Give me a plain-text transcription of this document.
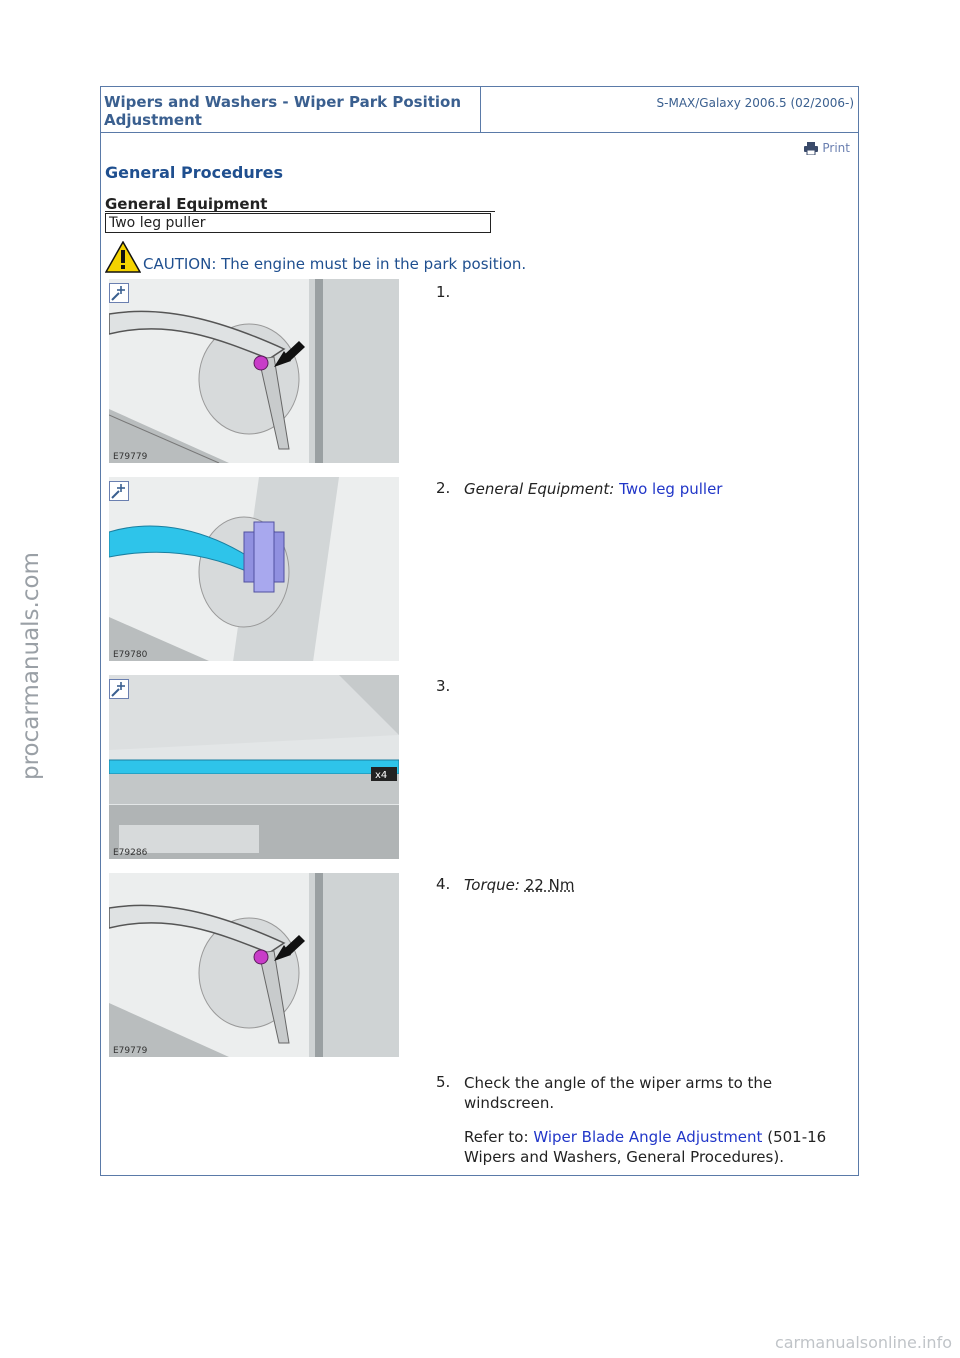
Wipers and Washers - Wiper Park Position Adjustment
S-MAX/Galaxy 2006.5 (02/2006-)
Print
General Procedures
General Equipment
Two leg puller
CAUTION: The engine must be in the park position.
E79779
1.
E79780
2. General Equipment: Two leg puller
x4
E79286
3.
E79779
4. Torque: 22 Nm
5. Check the angle of the wiper arms to the windscreen.
Refer to: Wiper Blade Angle Adjustment (501-16 Wipers and Washers, General Procedures).
procarmanuals.com
carmanualsonline.info
